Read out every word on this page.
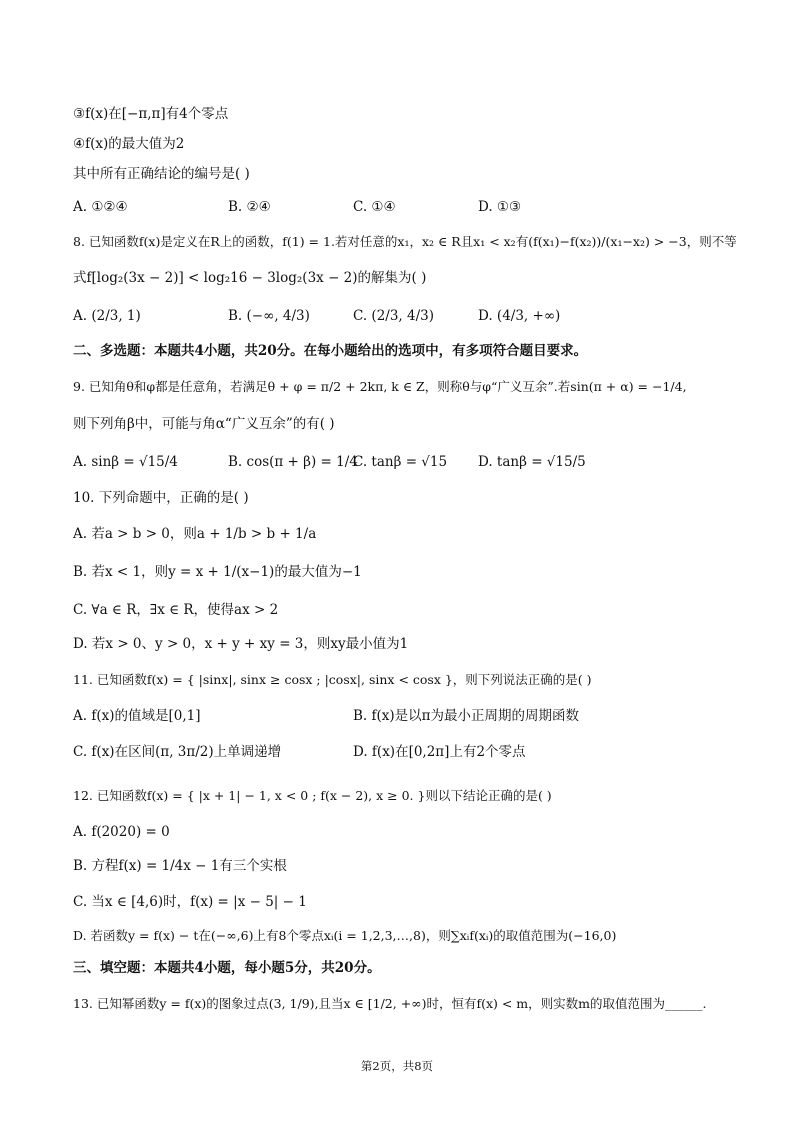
③f(x)在[−π,π]有4个零点
④f(x)的最大值为2
其中所有正确结论的编号是( )
A. ①②④	B. ②④	C. ①④	D. ①③
8. 已知函数f(x)是定义在R上的函数，f(1) = 1.若对任意的x₁，x₂ ∈ R且x₁ < x₂有(f(x₁)−f(x₂))/(x₁−x₂) > −3，则不等
式f[log₂(3x − 2)] < log₂16 − 3log₂(3x − 2)的解集为( )
A. (2/3, 1)	B. (−∞, 4/3)	C. (2/3, 4/3)	D. (4/3, +∞)
二、多选题：本题共4小题，共20分。在每小题给出的选项中，有多项符合题目要求。
9. 已知角θ和φ都是任意角，若满足θ + φ = π/2 + 2kπ, k ∈ Z，则称θ与φ“广义互余”.若sin(π + α) = −1/4,
则下列角β中，可能与角α“广义互余”的有( )
A. sinβ = √15/4	B. cos(π + β) = 1/4
C. tanβ = √15 D. tanβ = √15/5
10. 下列命题中，正确的是( )
A. 若a > b > 0，则a + 1/b > b + 1/a
B. 若x < 1，则y = x + 1/(x−1)的最大值为−1
C. ∀a ∈ R，∃x ∈ R，使得ax > 2
D. 若x > 0、y > 0，x + y + xy = 3，则xy最小值为1
11. 已知函数f(x) = { |sinx|, sinx ≥ cosx ; |cosx|, sinx < cosx }，则下列说法正确的是( )
A. f(x)的值域是[0,1]	B. f(x)是以π为最小正周期的周期函数
C. f(x)在区间(π, 3π/2)上单调递增	D. f(x)在[0,2π]上有2个零点
12. 已知函数f(x) = { |x + 1| − 1, x < 0 ; f(x − 2), x ≥ 0. }则以下结论正确的是( )
A. f(2020) = 0
B. 方程f(x) = 1/4x − 1有三个实根
C. 当x ∈ [4,6)时，f(x) = |x − 5| − 1
D. 若函数y = f(x) − t在(−∞,6)上有8个零点xᵢ(i = 1,2,3,…,8)，则∑xᵢf(xᵢ)的取值范围为(−16,0)
三、填空题：本题共4小题，每小题5分，共20分。
13. 已知幂函数y = f(x)的图象过点(3, 1/9),且当x ∈ [1/2, +∞)时，恒有f(x) < m，则实数m的取值范围为______.
第2页，共8页
